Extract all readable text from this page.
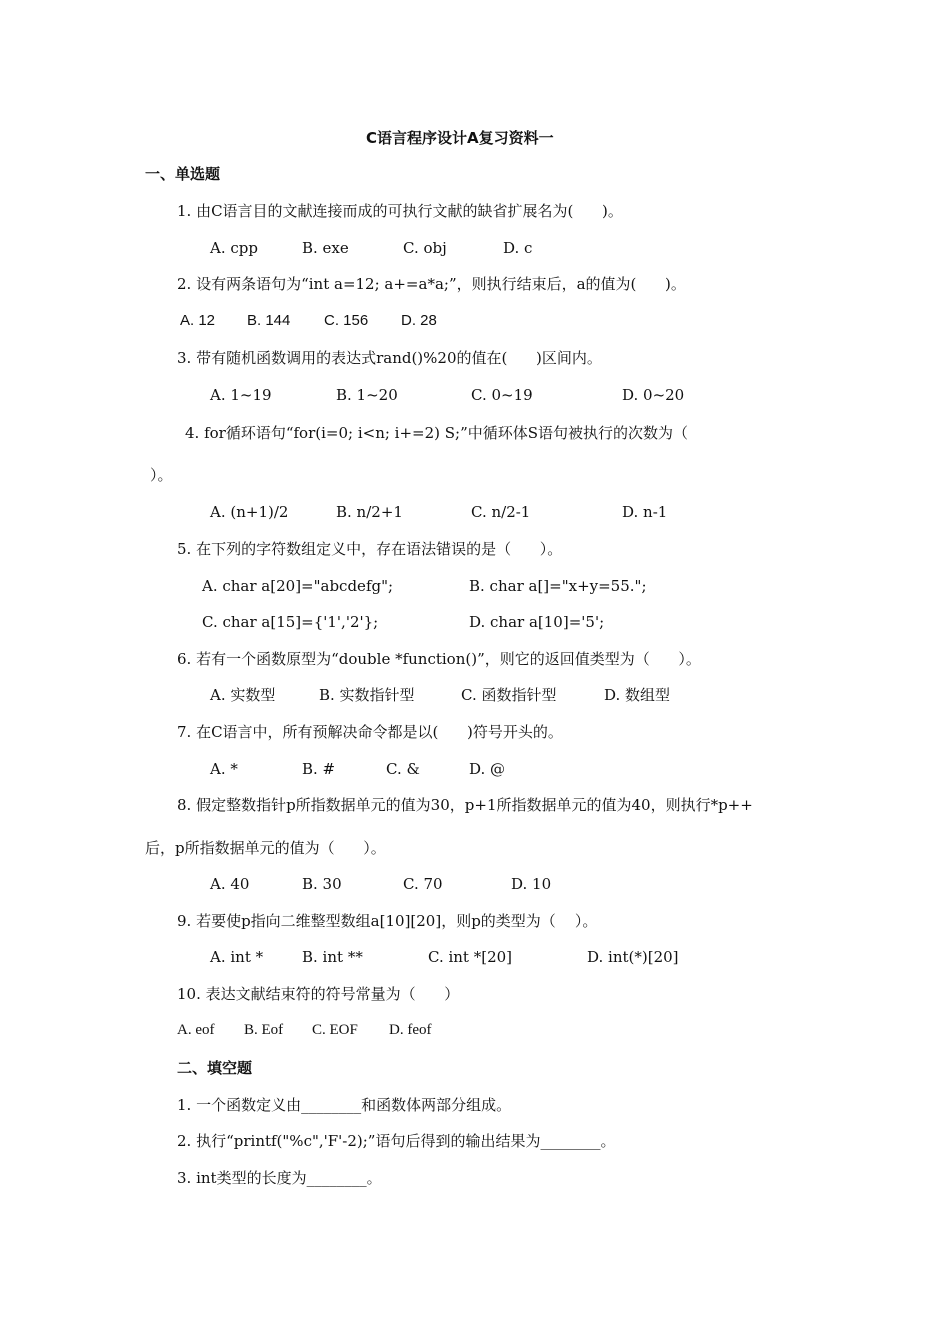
C语言程序设计A复习资料一
一、单选题
1. 由C语言目的文献连接而成的可执行文献的缺省扩展名为(      )。
A. cpp	B. exe	C. obj	D. c
2. 设有两条语句为“int a=12; a+=a*a;”，则执行结束后，a的值为(      )。
A. 12 B. 144 C. 156 D. 28
3. 带有随机函数调用的表达式rand()%20的值在(      )区间内。
A. 1~19	B. 1~20	C. 0~19	D. 0~20
4. for循环语句“for(i=0; i<n; i+=2) S;”中循环体S语句被执行的次数为（
）。
A. (n+1)/2	B. n/2+1	C. n/2-1	D. n-1
5. 在下列的字符数组定义中，存在语法错误的是（      ）。
A. char a[20]="abcdefg";	B. char a[]="x+y=55.";
C. char a[15]={'1','2'};	D. char a[10]='5';
6. 若有一个函数原型为“double *function()”，则它的返回值类型为（      ）。
A. 实数型	B. 实数指针型	C. 函数指针型	D. 数组型
7. 在C语言中，所有预解决命令都是以(      )符号开头的。
A. *	B. #	C. &	D. @
8. 假定整数指针p所指数据单元的值为30，p+1所指数据单元的值为40，则执行*p++
后，p所指数据单元的值为（      ）。
A. 40	B. 30	C. 70	D. 10
9. 若要使p指向二维整型数组a[10][20]，则p的类型为（    ）。
A. int *	B. int **	C. int *[20]	D. int(*)[20]
10. 表达文献结束符的符号常量为（      ）
A. eof B. Eof C. EOF D. feof
二、填空题
1. 一个函数定义由________和函数体两部分组成。
2. 执行“printf("%c",'F'-2);”语句后得到的输出结果为________。
3. int类型的长度为________。
